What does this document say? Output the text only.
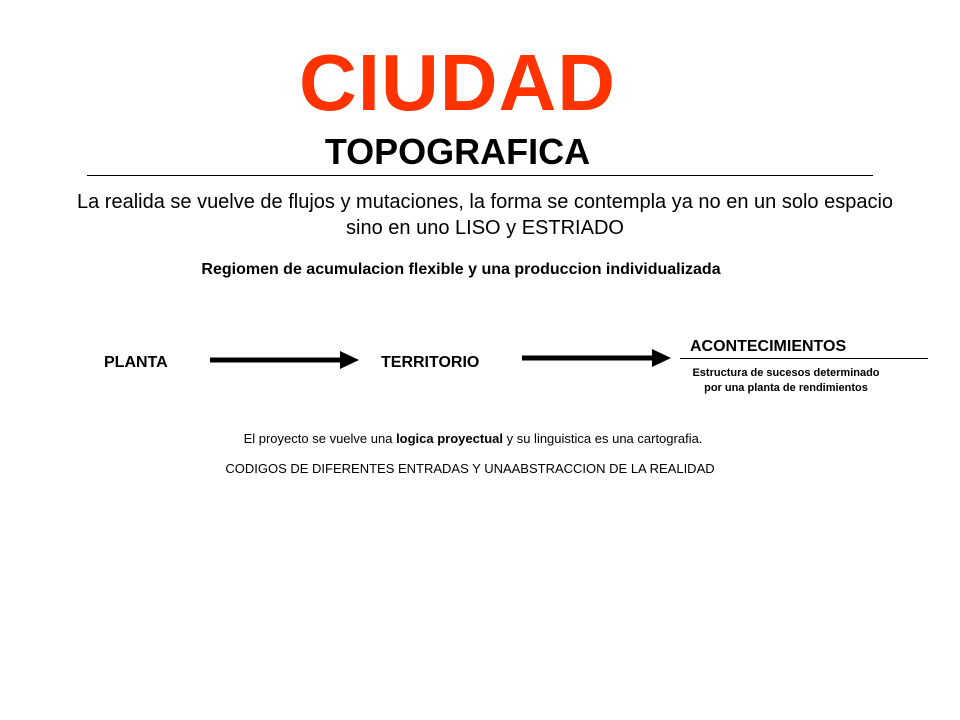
CIUDAD
TOPOGRAFICA
La realida se vuelve de flujos y mutaciones, la forma se contempla ya no en un solo espacio sino en uno LISO y ESTRIADO
Regiomen de acumulacion flexible y una produccion individualizada
PLANTA	TERRITORIO
ACONTECIMIENTOS
Estructura de sucesos determinado por una planta de rendimientos
El proyecto se vuelve una logica proyectual y su linguistica es una cartografia.
CODIGOS DE DIFERENTES ENTRADAS Y UNAABSTRACCION DE LA REALIDAD
